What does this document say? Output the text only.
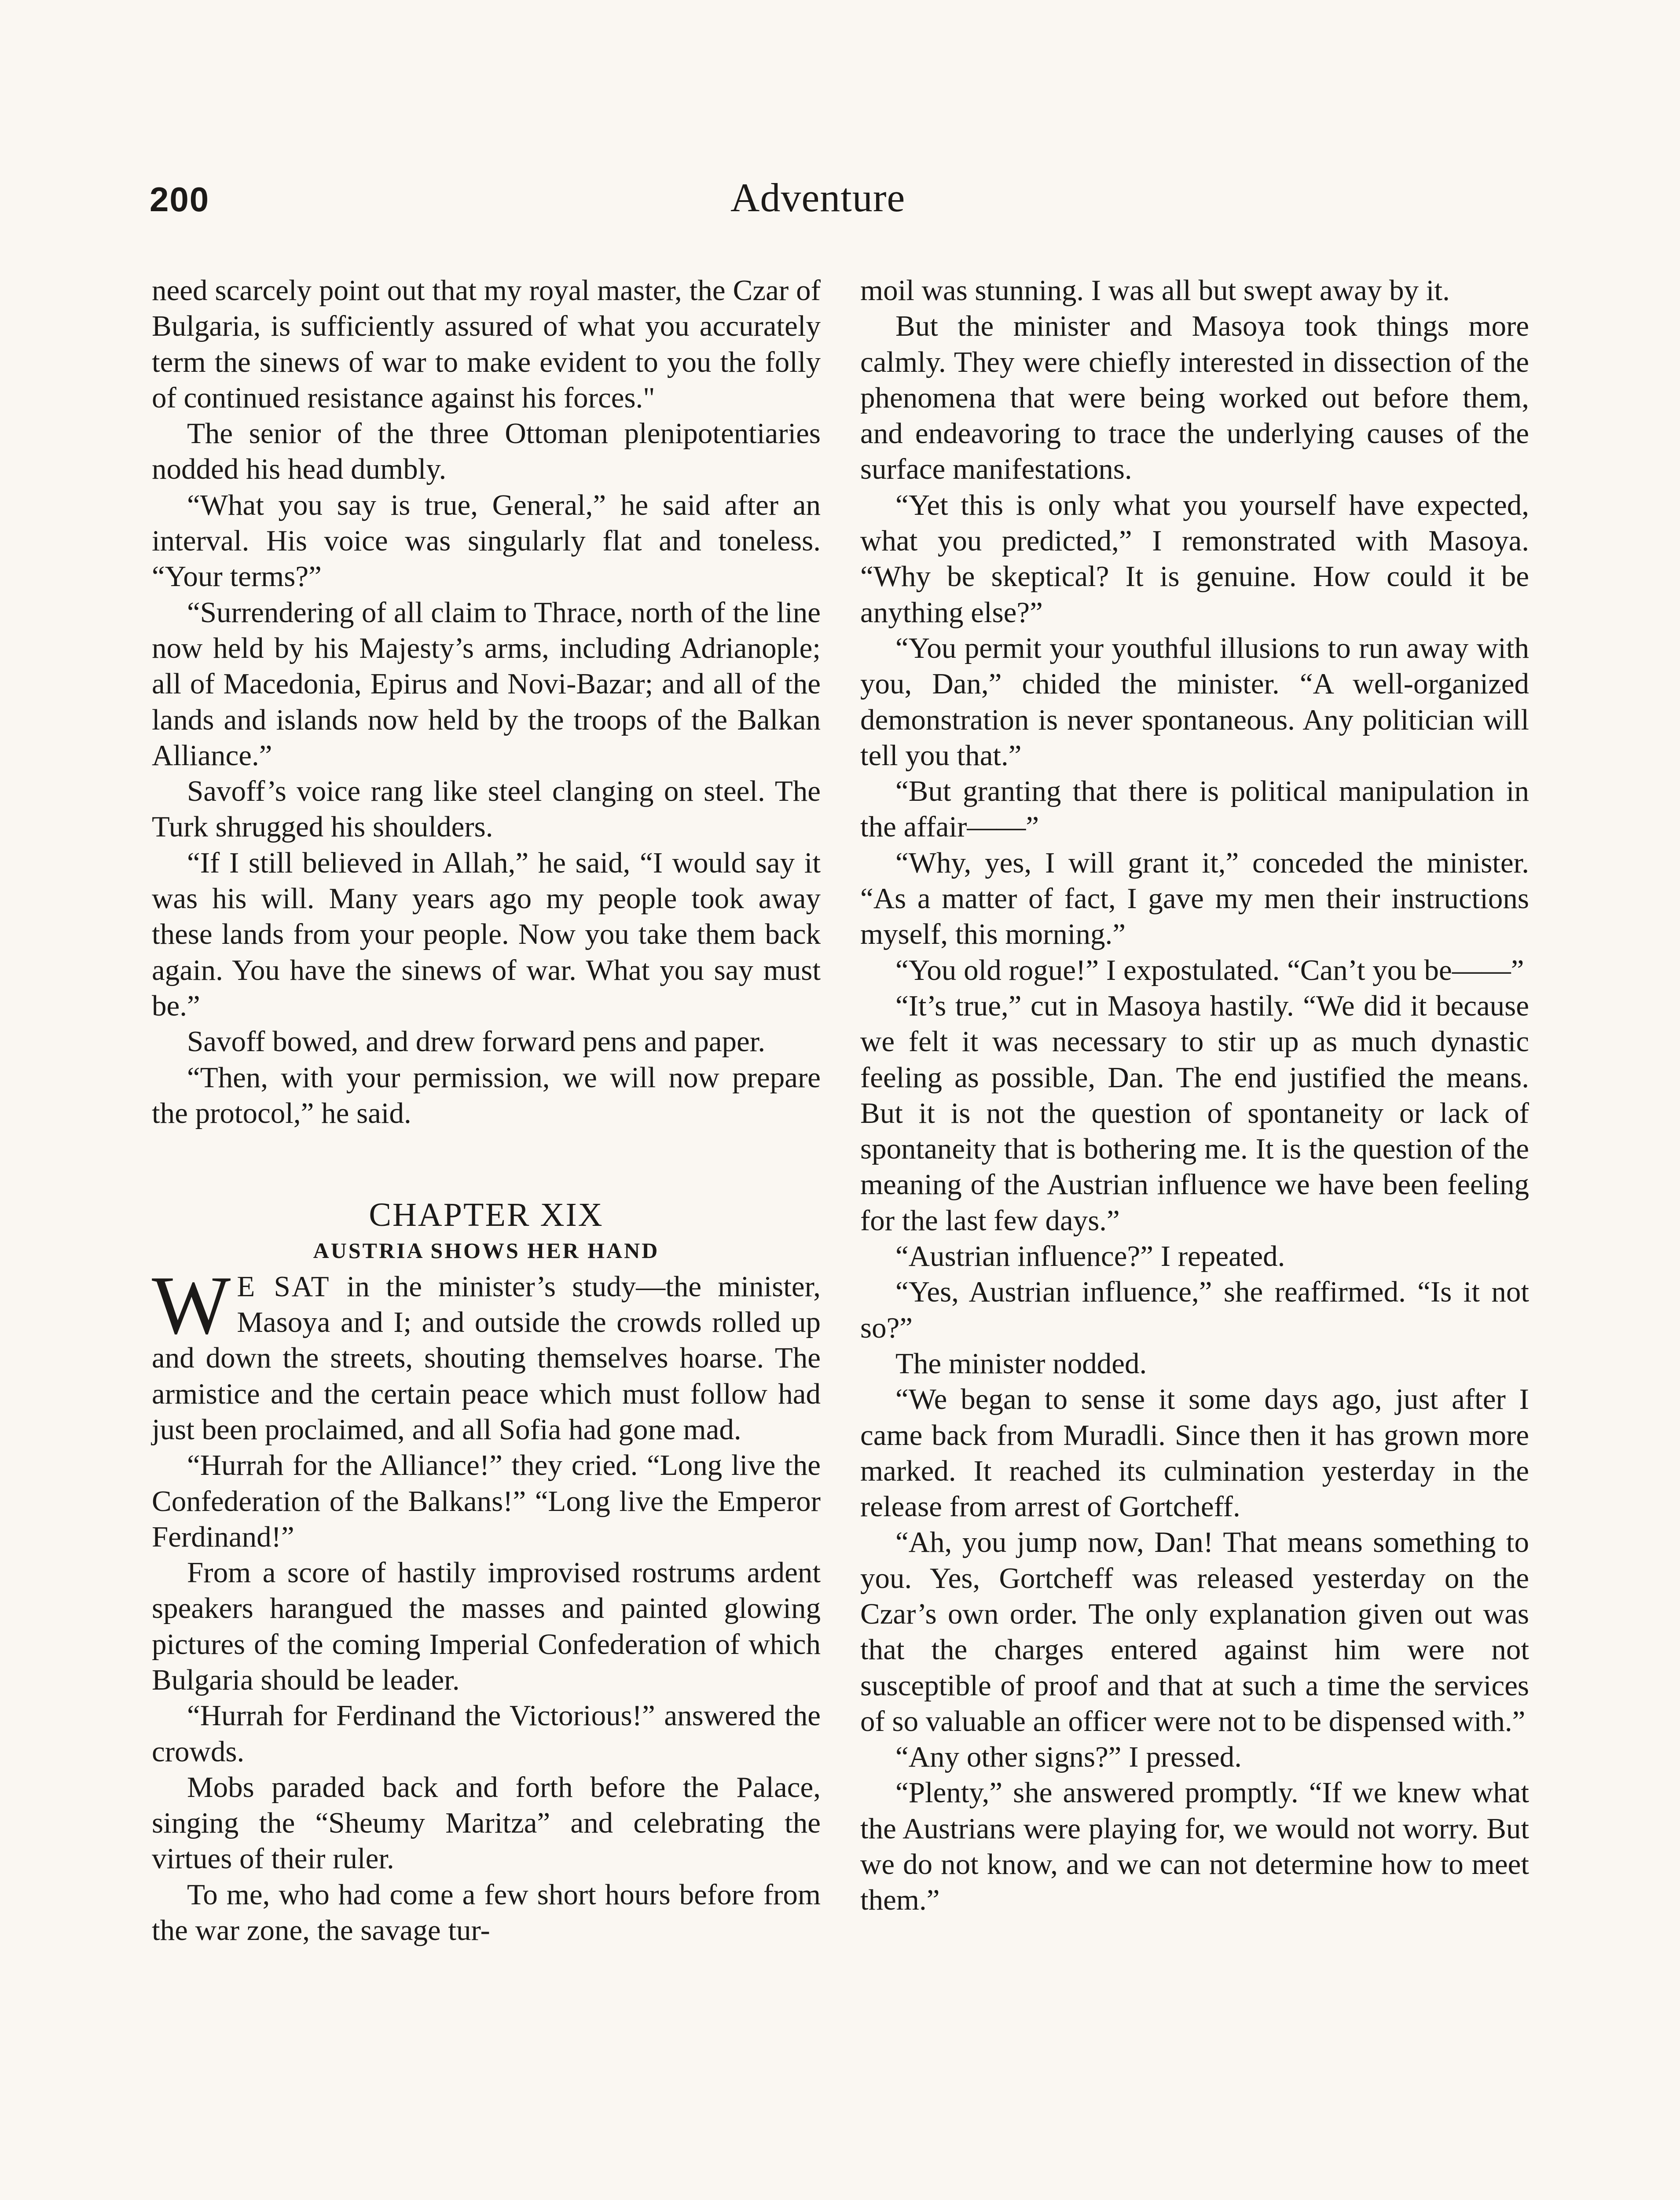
200	Adventure

need scarcely point out that my royal master, the Czar of Bulgaria, is sufficiently assured of what you accurately term the sinews of war to make evident to you the folly of continued resistance against his forces."

The senior of the three Ottoman plenipotentiaries nodded his head dumbly.

“What you say is true, General,” he said after an interval. His voice was singularly flat and toneless. “Your terms?”

“Surrendering of all claim to Thrace, north of the line now held by his Majesty’s arms, including Adrianople; all of Macedonia, Epirus and Novi-Bazar; and all of the lands and islands now held by the troops of the Balkan Alliance.”

Savoff’s voice rang like steel clanging on steel. The Turk shrugged his shoulders.

“If I still believed in Allah,” he said, “I would say it was his will. Many years ago my people took away these lands from your people. Now you take them back again. You have the sinews of war. What you say must be.”

Savoff bowed, and drew forward pens and paper.

“Then, with your permission, we will now prepare the protocol,” he said.

CHAPTER XIX

AUSTRIA SHOWS HER HAND

W E SAT in the minister’s study—the minister, Masoya and I; and outside the crowds rolled up and down the streets, shouting themselves hoarse. The armistice and the certain peace which must follow had just been proclaimed, and all Sofia had gone mad.

“Hurrah for the Alliance!” they cried. “Long live the Confederation of the Balkans!” “Long live the Emperor Ferdinand!”

From a score of hastily improvised rostrums ardent speakers harangued the masses and painted glowing pictures of the coming Imperial Confederation of which Bulgaria should be leader.

“Hurrah for Ferdinand the Victorious!” answered the crowds.

Mobs paraded back and forth before the Palace, singing the “Sheumy Maritza” and celebrating the virtues of their ruler.

To me, who had come a few short hours before from the war zone, the savage tur-

moil was stunning. I was all but swept away by it.

But the minister and Masoya took things more calmly. They were chiefly interested in dissection of the phenomena that were being worked out before them, and endeavoring to trace the underlying causes of the surface manifestations.

“Yet this is only what you yourself have expected, what you predicted,” I remonstrated with Masoya. “Why be skeptical? It is genuine. How could it be anything else?”

“You permit your youthful illusions to run away with you, Dan,” chided the minister. “A well-organized demonstration is never spontaneous. Any politician will tell you that.”

“But granting that there is political manipulation in the affair——”

“Why, yes, I will grant it,” conceded the minister. “As a matter of fact, I gave my men their instructions myself, this morning.”

“You old rogue!” I expostulated. “Can’t you be——”

“It’s true,” cut in Masoya hastily. “We did it because we felt it was necessary to stir up as much dynastic feeling as possible, Dan. The end justified the means. But it is not the question of spontaneity or lack of spontaneity that is bothering me. It is the question of the meaning of the Austrian influence we have been feeling for the last few days.”

“Austrian influence?” I repeated.

“Yes, Austrian influence,” she reaffirmed. “Is it not so?”

The minister nodded.

“We began to sense it some days ago, just after I came back from Muradli. Since then it has grown more marked. It reached its culmination yesterday in the release from arrest of Gortcheff.

“Ah, you jump now, Dan! That means something to you. Yes, Gortcheff was released yesterday on the Czar’s own order. The only explanation given out was that the charges entered against him were not susceptible of proof and that at such a time the services of so valuable an officer were not to be dispensed with.”

“Any other signs?” I pressed.

“Plenty,” she answered promptly. “If we knew what the Austrians were playing for, we would not worry. But we do not know, and we can not determine how to meet them.”
